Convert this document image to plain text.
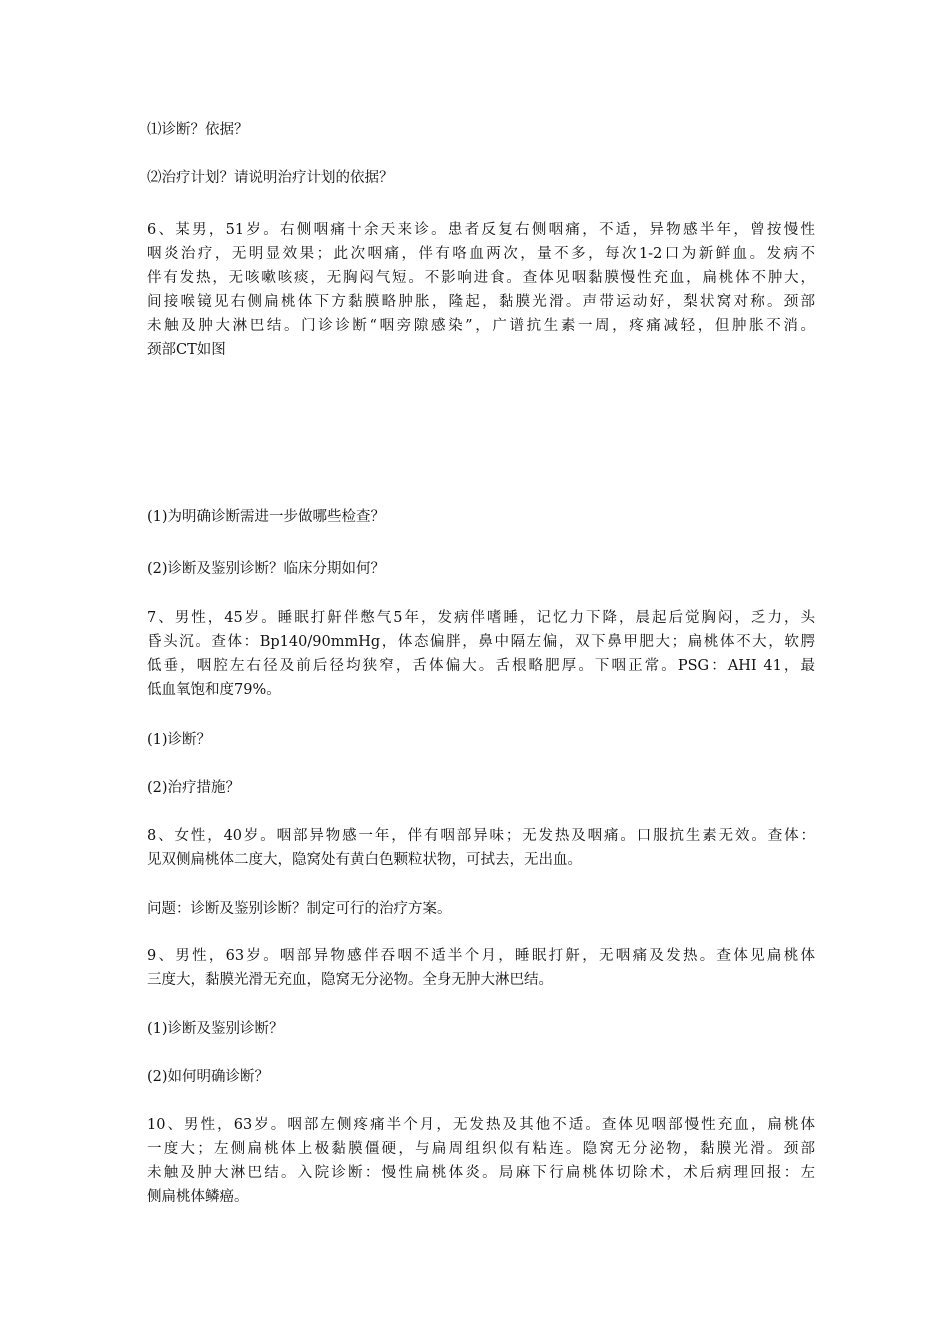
⑴诊断？依据？

⑵治疗计划？请说明治疗计划的依据？

6、某男，51岁。右侧咽痛十余天来诊。患者反复右侧咽痛，不适，异物感半年，曾按慢性
咽炎治疗，无明显效果；此次咽痛，伴有咯血两次，量不多，每次1-2口为新鲜血。发病不
伴有发热，无咳嗽咳痰，无胸闷气短。不影响进食。查体见咽黏膜慢性充血，扁桃体不肿大，
间接喉镜见右侧扁桃体下方黏膜略肿胀，隆起，黏膜光滑。声带运动好，梨状窝对称。颈部
未触及肿大淋巴结。门诊诊断“咽旁隙感染”，广谱抗生素一周，疼痛减轻，但肿胀不消。
颈部CT如图

(1)为明确诊断需进一步做哪些检查？

(2)诊断及鉴别诊断？临床分期如何？

7、男性，45岁。睡眠打鼾伴憋气5年，发病伴嗜睡，记忆力下降，晨起后觉胸闷，乏力，头
昏头沉。查体：Bp140/90mmHg，体态偏胖，鼻中隔左偏，双下鼻甲肥大；扁桃体不大，软腭
低垂，咽腔左右径及前后径均狭窄，舌体偏大。舌根略肥厚。下咽正常。PSG：AHI 41，最
低血氧饱和度79%。

(1)诊断？

(2)治疗措施？

8、女性，40岁。咽部异物感一年，伴有咽部异味；无发热及咽痛。口服抗生素无效。查体：
见双侧扁桃体二度大，隐窝处有黄白色颗粒状物，可拭去，无出血。

问题：诊断及鉴别诊断？制定可行的治疗方案。

9、男性，63岁。咽部异物感伴吞咽不适半个月，睡眠打鼾，无咽痛及发热。查体见扁桃体
三度大，黏膜光滑无充血，隐窝无分泌物。全身无肿大淋巴结。

(1)诊断及鉴别诊断？

(2)如何明确诊断？

10、男性，63岁。咽部左侧疼痛半个月，无发热及其他不适。查体见咽部慢性充血，扁桃体
一度大；左侧扁桃体上极黏膜僵硬，与扁周组织似有粘连。隐窝无分泌物，黏膜光滑。颈部
未触及肿大淋巴结。入院诊断：慢性扁桃体炎。局麻下行扁桃体切除术，术后病理回报：左
侧扁桃体鳞癌。
